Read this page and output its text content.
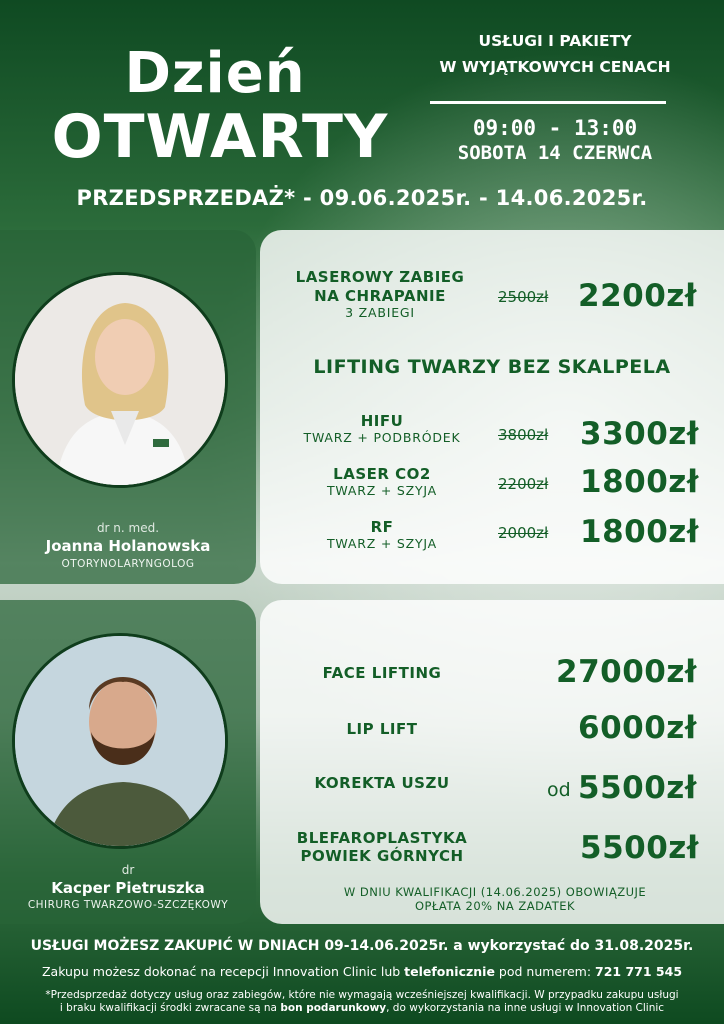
Dzień
OTWARTY
USŁUGI I PAKIETY
W WYJĄTKOWYCH CENACH
09:00 - 13:00
SOBOTA 14 CZERWCA
PRZEDSPRZEDAŻ* - 09.06.2025r. - 14.06.2025r.
dr n. med.
Joanna Holanowska
OTORYNOLARYNGOLOG
dr
Kacper Pietruszka
CHIRURG TWARZOWO-SZCZĘKOWY
LASEROWY ZABIEG
NA CHRAPANIE
3 ZABIEGI
2500zł 2200zł
LIFTING TWARZY BEZ SKALPELA
HIFU
TWARZ + PODBRÓDEK	3800zł 3300zł
LASER CO2
TWARZ + SZYJA	2200zł 1800zł
RF
TWARZ + SZYJA
2000zł 1800zł
FACE LIFTING	27000zł
LIP LIFT	6000zł
KOREKTA USZU	od 5500zł
BLEFAROPLASTYKA
POWIEK GÓRNYCH	5500zł
W DNIU KWALIFIKACJI (14.06.2025) OBOWIĄZUJE
OPŁATA 20% NA ZADATEK
USŁUGI MOŻESZ ZAKUPIĆ W DNIACH 09-14.06.2025r. a wykorzystać do 31.08.2025r.
Zakupu możesz dokonać na recepcji Innovation Clinic lub telefonicznie pod numerem: 721 771 545
*Przedsprzedaż dotyczy usług oraz zabiegów, które nie wymagają wcześniejszej kwalifikacji. W przypadku zakupu usługi
i braku kwalifikacji środki zwracane są na bon podarunkowy, do wykorzystania na inne usługi w Innovation Clinic
